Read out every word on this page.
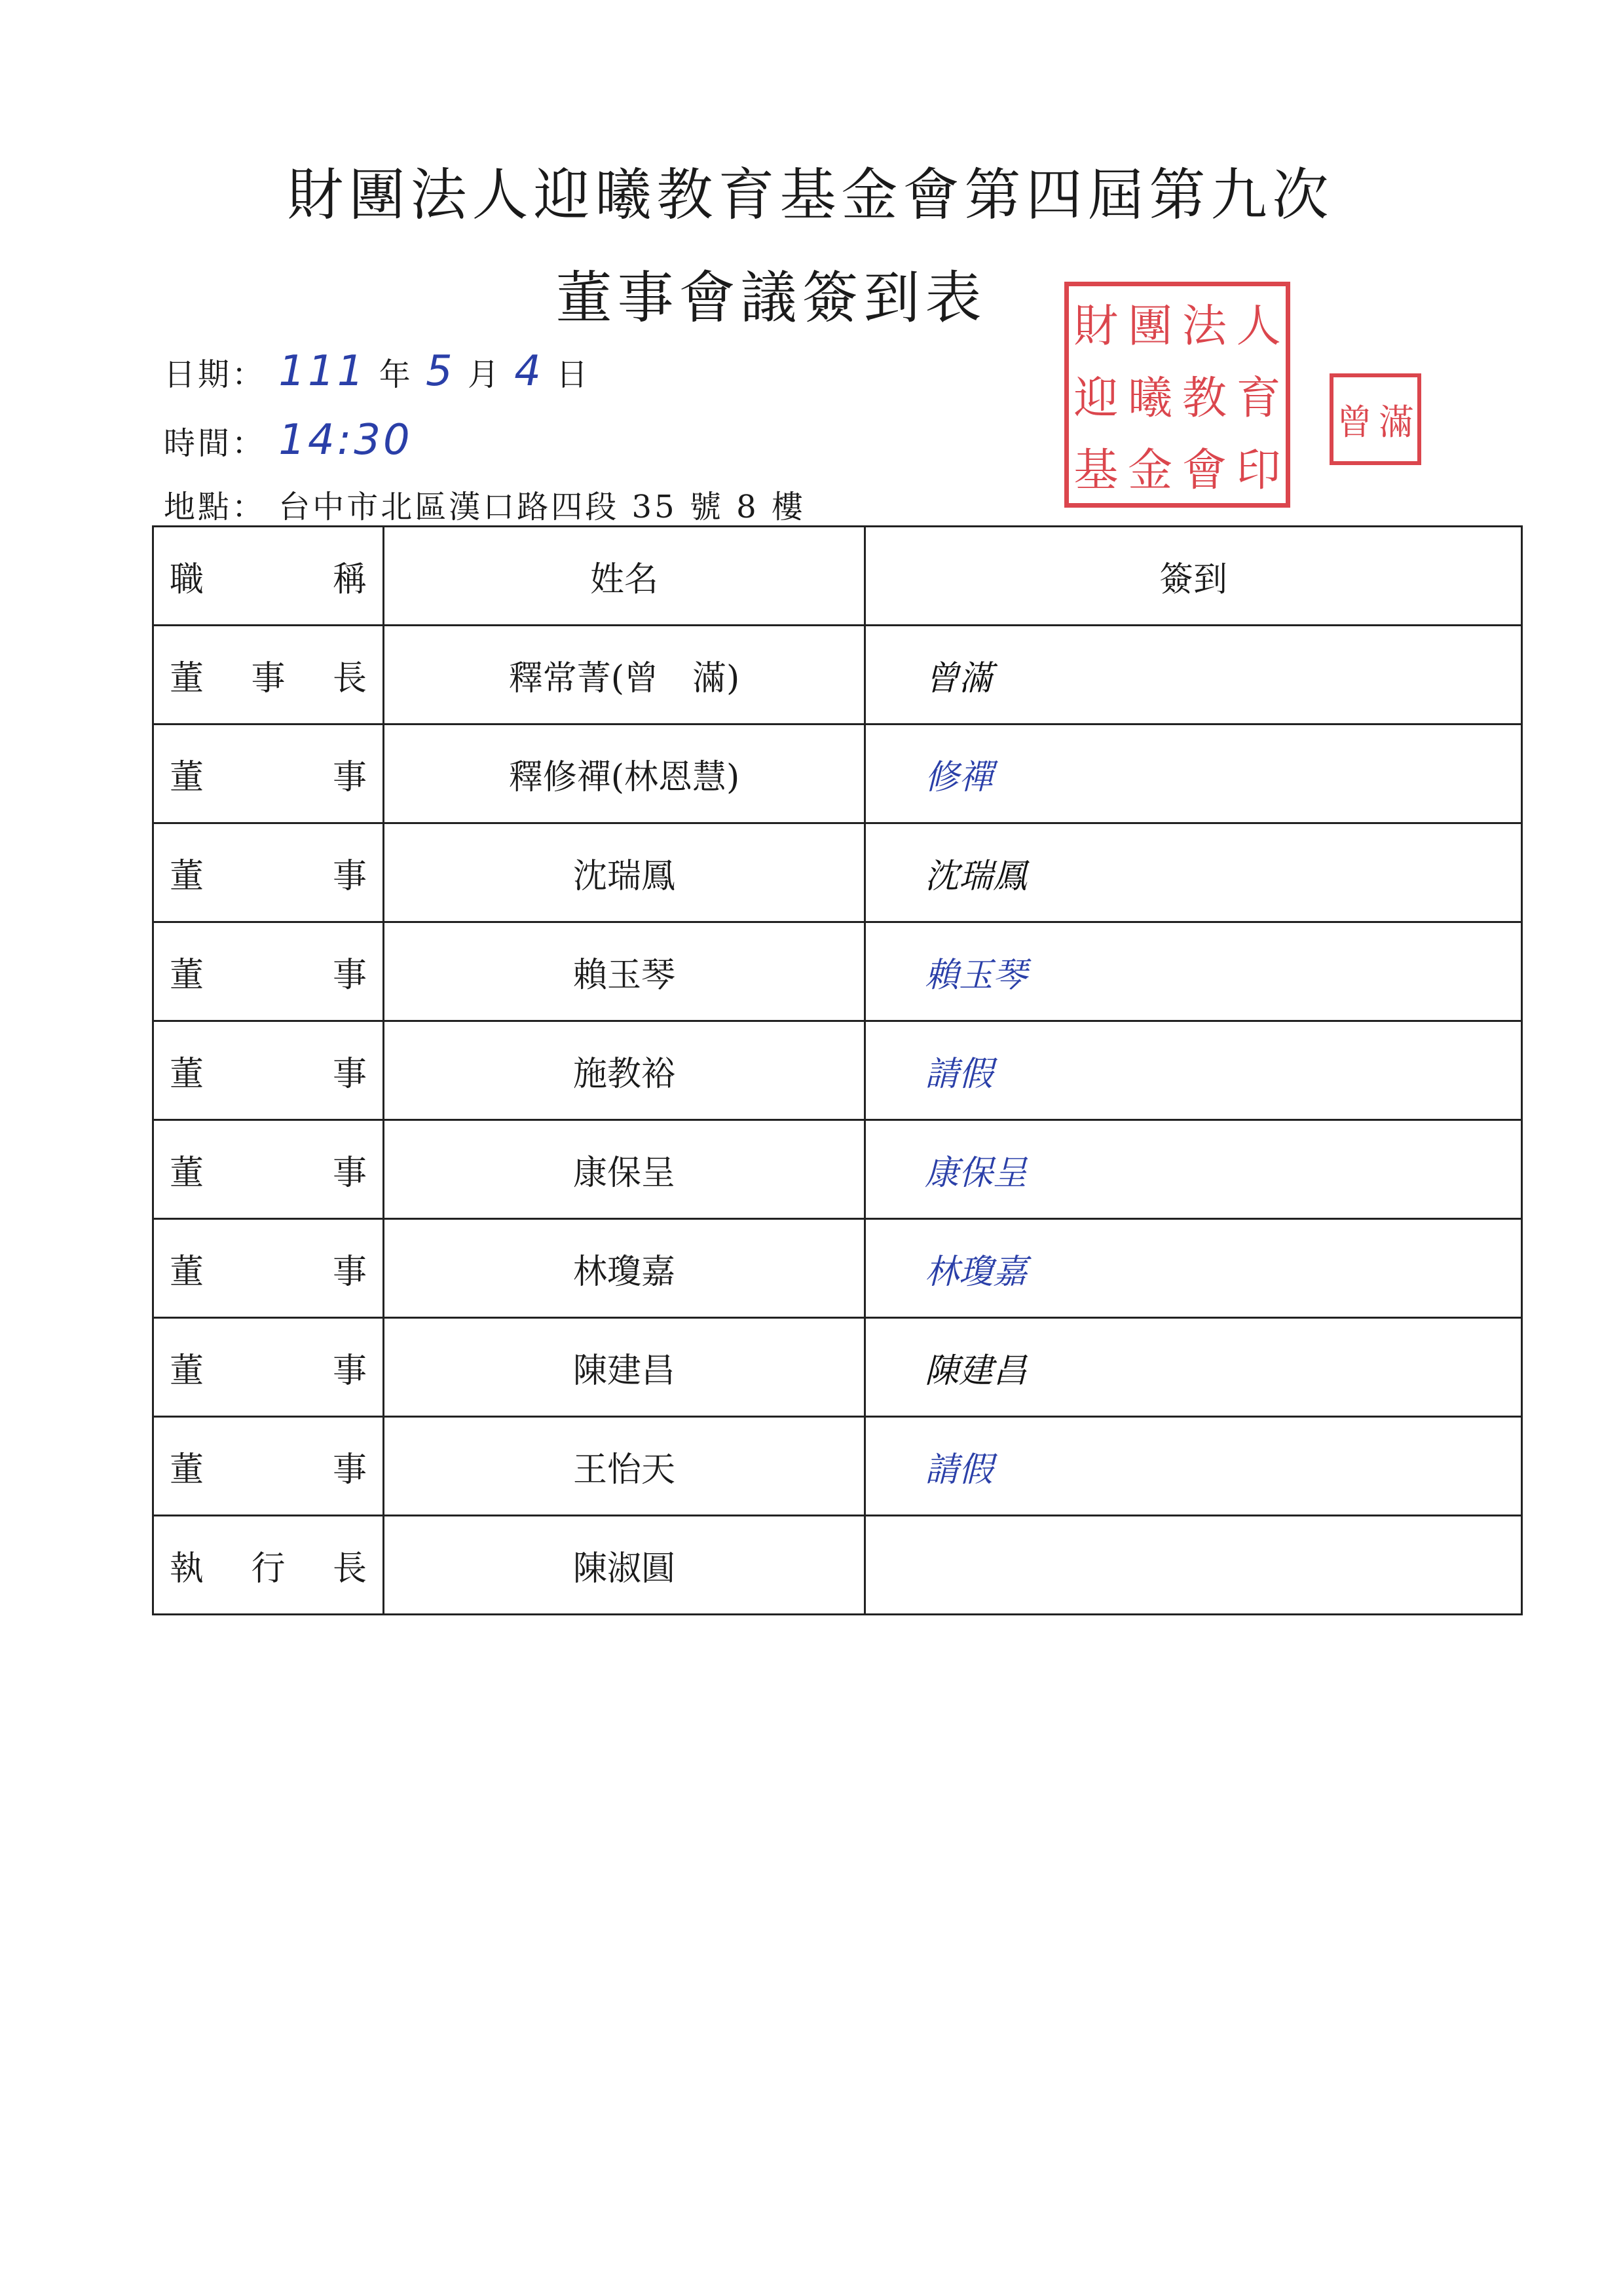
財團法人迎曦教育基金會第四屆第九次
董事會議簽到表	財 團 法 人
迎 曦 教 育
基 金 會 印
曾 滿
日期： 111 年 5 月 4 日
時間： 14:30
地點： 台中市北區漢口路四段 35 號 8 樓
職 稱	姓名	簽到

董 事 長	釋常菁(曾　滿)	曾滿

董 事	釋修禪(林恩慧)	修禪

董 事	沈瑞鳳	沈瑞鳳

董 事	賴玉琴	賴玉琴

董 事	施教裕	請假

董 事	康保呈	康保呈

董 事	林瓊嘉	林瓊嘉

董 事	陳建昌	陳建昌

董 事	王怡天	請假

執 行 長	陳淑圓	
